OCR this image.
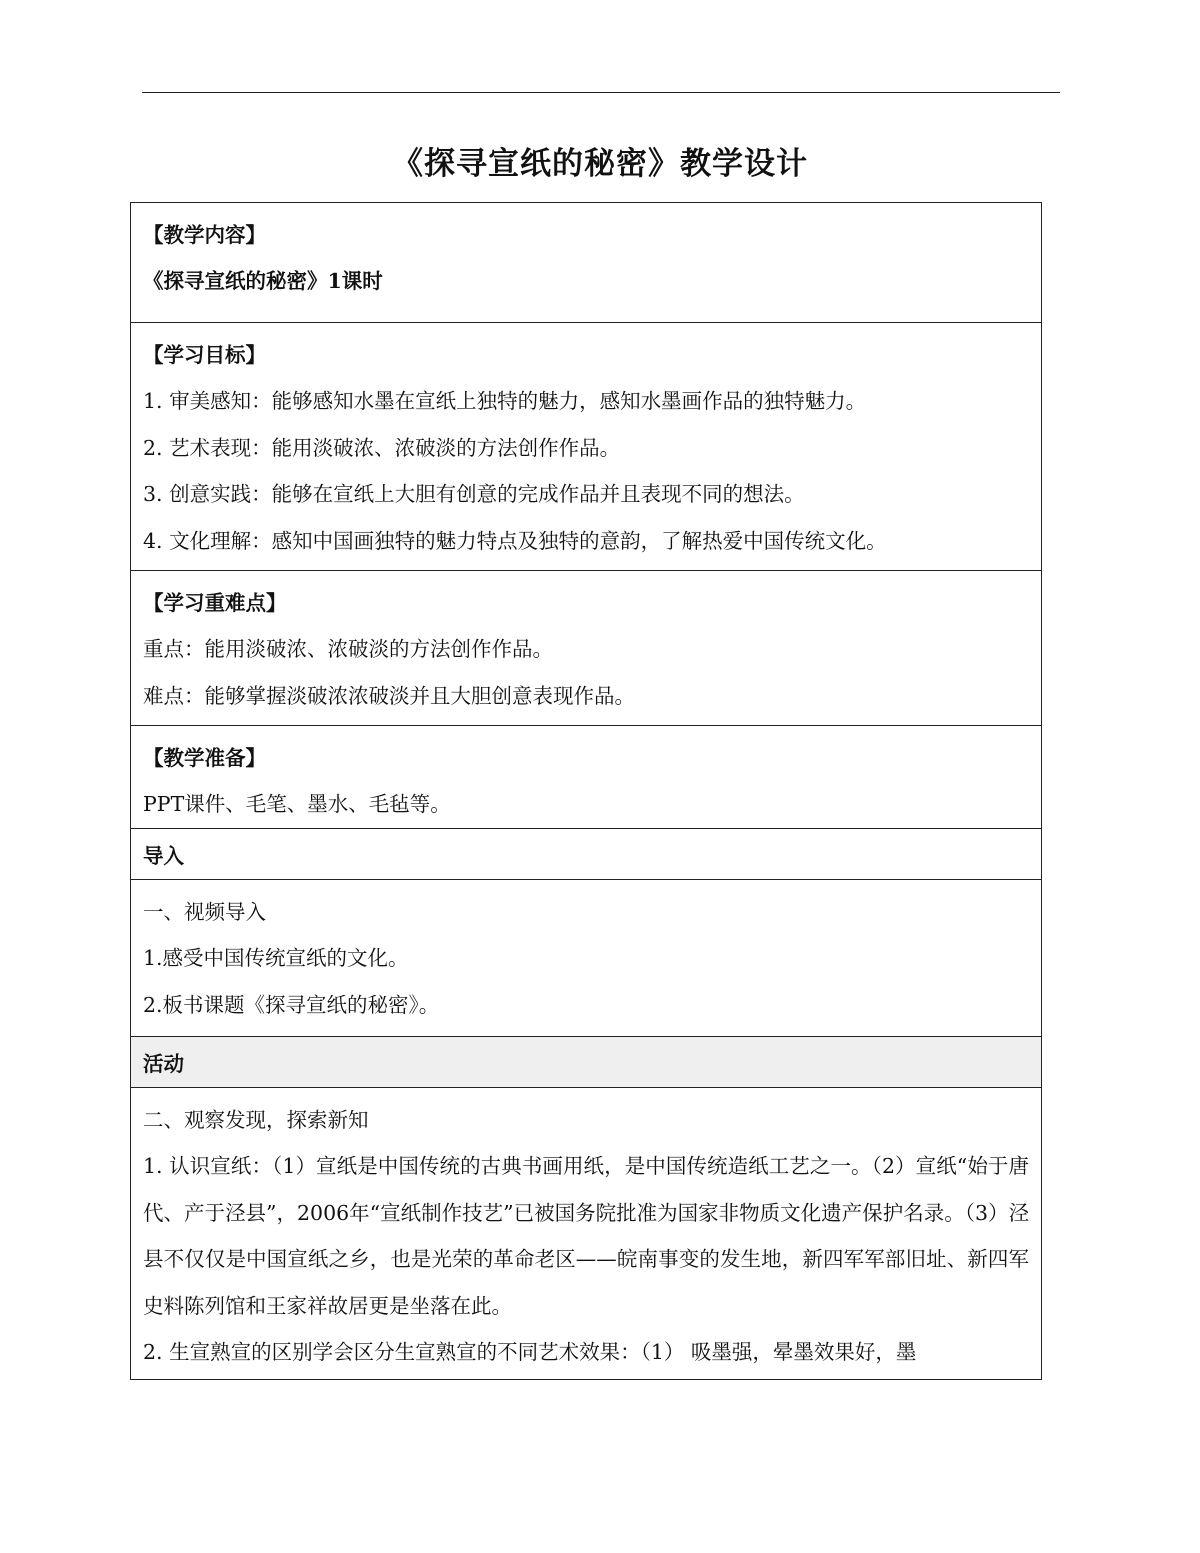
《探寻宣纸的秘密》教学设计
【教学内容】
《探寻宣纸的秘密》1课时

【学习目标】
1. 审美感知：能够感知水墨在宣纸上独特的魅力，感知水墨画作品的独特魅力。
2. 艺术表现：能用淡破浓、浓破淡的方法创作作品。
3. 创意实践：能够在宣纸上大胆有创意的完成作品并且表现不同的想法。
4. 文化理解：感知中国画独特的魅力特点及独特的意韵，了解热爱中国传统文化。

【学习重难点】
重点：能用淡破浓、浓破淡的方法创作作品。
难点：能够掌握淡破浓浓破淡并且大胆创意表现作品。

【教学准备】
PPT课件、毛笔、墨水、毛毡等。

导入

一、视频导入
1.感受中国传统宣纸的文化。
2.板书课题《探寻宣纸的秘密》。

活动

二、观察发现，探索新知
1. 认识宣纸：（1）宣纸是中国传统的古典书画用纸，是中国传统造纸工艺之一。（2）宣纸“始于唐代、产于泾县”，2006年“宣纸制作技艺”已被国务院批准为国家非物质文化遗产保护名录。（3）泾县不仅仅是中国宣纸之乡，也是光荣的革命老区——皖南事变的发生地，新四军军部旧址、新四军史料陈列馆和王家祥故居更是坐落在此。
2. 生宣熟宣的区别学会区分生宣熟宣的不同艺术效果：（1） 吸墨强，晕墨效果好，墨
